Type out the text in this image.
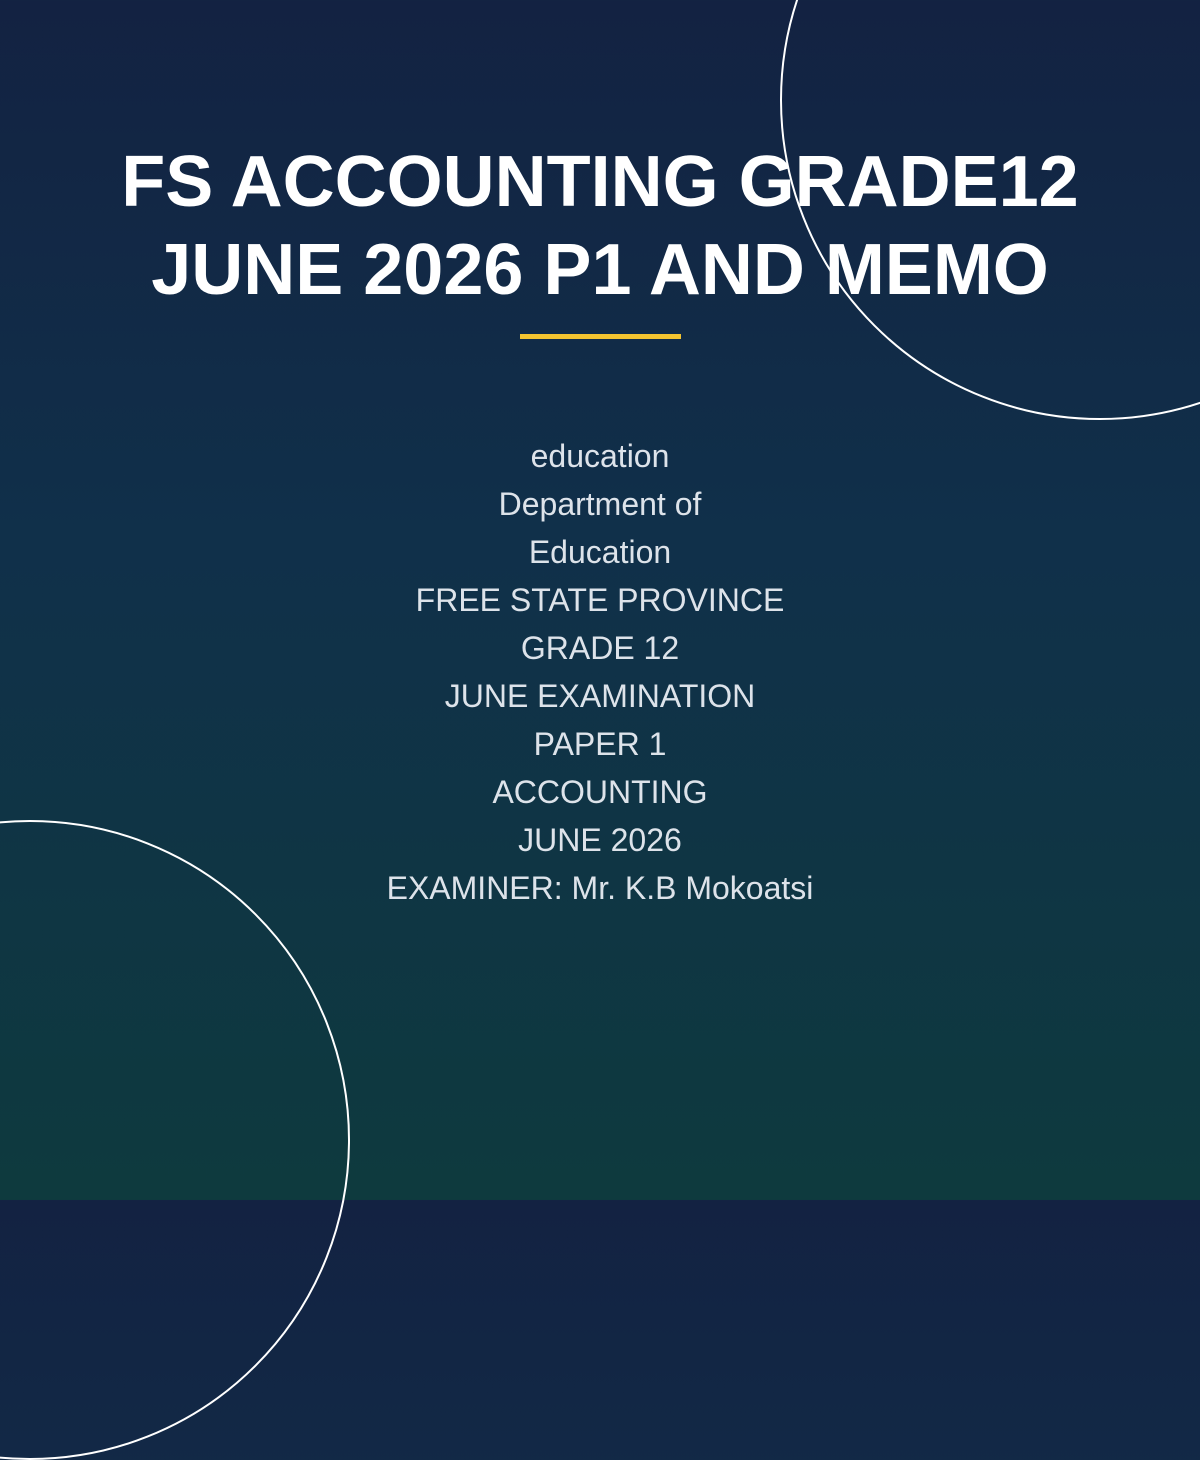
FS ACCOUNTING GRADE12
JUNE 2026 P1 AND MEMO
education
Department of
Education
FREE STATE PROVINCE
GRADE 12
JUNE EXAMINATION
PAPER 1
ACCOUNTING
JUNE 2026
EXAMINER: Mr. K.B Mokoatsi
